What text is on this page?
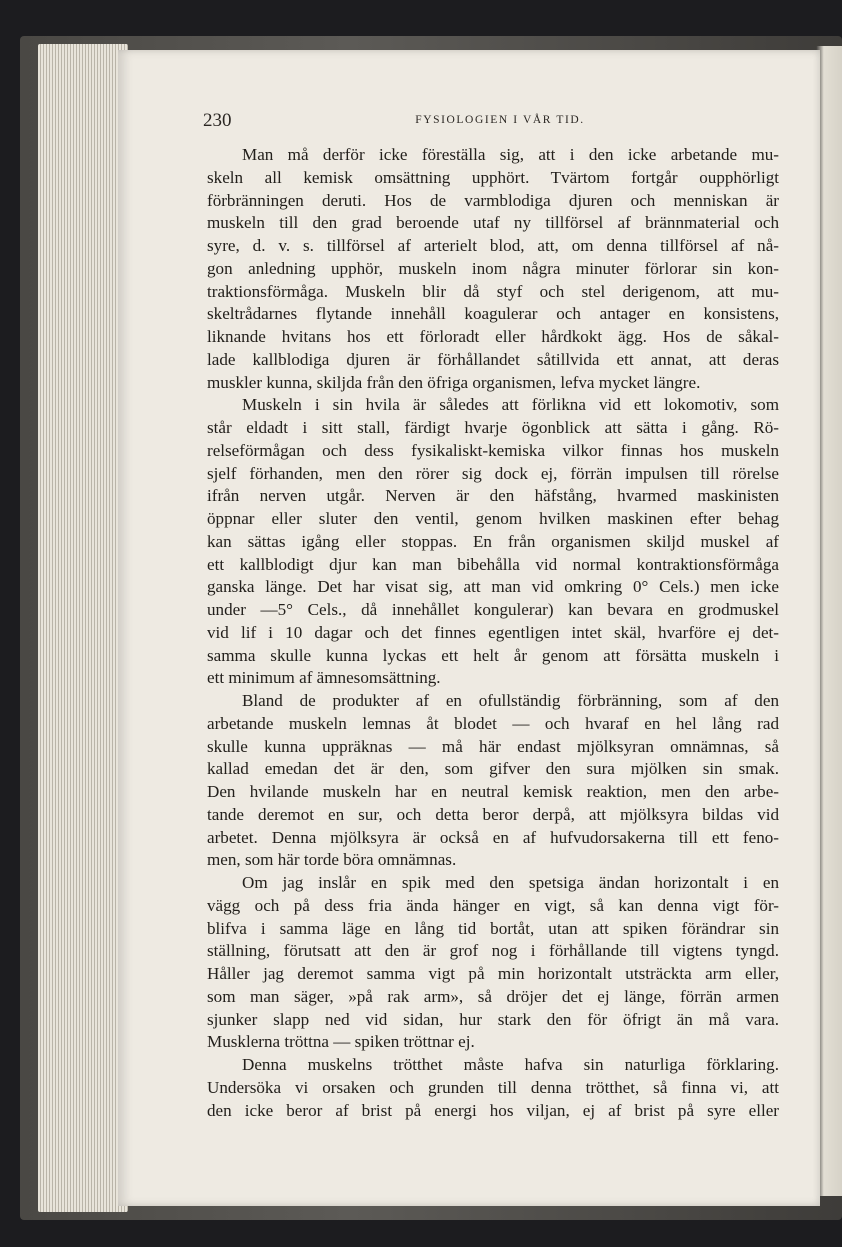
230	FYSIOLOGIEN I VÅR TID.
Man må derför icke föreställa sig, att i den icke arbetande mu-
skeln all kemisk omsättning upphört. Tvärtom fortgår oupphörligt
förbränningen deruti. Hos de varmblodiga djuren och menniskan är
muskeln till den grad beroende utaf ny tillförsel af brännmaterial och
syre, d. v. s. tillförsel af arterielt blod, att, om denna tillförsel af nå-
gon anledning upphör, muskeln inom några minuter förlorar sin kon-
traktionsförmåga. Muskeln blir då styf och stel derigenom, att mu-
skeltrådarnes flytande innehåll koagulerar och antager en konsistens,
liknande hvitans hos ett förloradt eller hårdkokt ägg. Hos de såkal-
lade kallblodiga djuren är förhållandet såtillvida ett annat, att deras
muskler kunna, skiljda från den öfriga organismen, lefva mycket längre.
Muskeln i sin hvila är således att förlikna vid ett lokomotiv, som
står eldadt i sitt stall, färdigt hvarje ögonblick att sätta i gång. Rö-
relseförmågan och dess fysikaliskt-kemiska vilkor finnas hos muskeln
sjelf förhanden, men den rörer sig dock ej, förrän impulsen till rörelse
ifrån nerven utgår. Nerven är den häfstång, hvarmed maskinisten
öppnar eller sluter den ventil, genom hvilken maskinen efter behag
kan sättas igång eller stoppas. En från organismen skiljd muskel af
ett kallblodigt djur kan man bibehålla vid normal kontraktionsförmåga
ganska länge. Det har visat sig, att man vid omkring 0° Cels.) men icke
under —5° Cels., då innehållet kongulerar) kan bevara en grodmuskel
vid lif i 10 dagar och det finnes egentligen intet skäl, hvarföre ej det-
samma skulle kunna lyckas ett helt år genom att försätta muskeln i
ett minimum af ämnesomsättning.
Bland de produkter af en ofullständig förbränning, som af den
arbetande muskeln lemnas åt blodet — och hvaraf en hel lång rad
skulle kunna uppräknas — må här endast mjölksyran omnämnas, så
kallad emedan det är den, som gifver den sura mjölken sin smak.
Den hvilande muskeln har en neutral kemisk reaktion, men den arbe-
tande deremot en sur, och detta beror derpå, att mjölksyra bildas vid
arbetet. Denna mjölksyra är också en af hufvudorsakerna till ett feno-
men, som här torde böra omnämnas.
Om jag inslår en spik med den spetsiga ändan horizontalt i en
vägg och på dess fria ända hänger en vigt, så kan denna vigt för-
blifva i samma läge en lång tid bortåt, utan att spiken förändrar sin
ställning, förutsatt att den är grof nog i förhållande till vigtens tyngd.
Håller jag deremot samma vigt på min horizontalt utsträckta arm eller,
som man säger, »på rak arm», så dröjer det ej länge, förrän armen
sjunker slapp ned vid sidan, hur stark den för öfrigt än må vara.
Musklerna tröttna — spiken tröttnar ej.
Denna muskelns trötthet måste hafva sin naturliga förklaring.
Undersöka vi orsaken och grunden till denna trötthet, så finna vi, att
den icke beror af brist på energi hos viljan, ej af brist på syre eller
